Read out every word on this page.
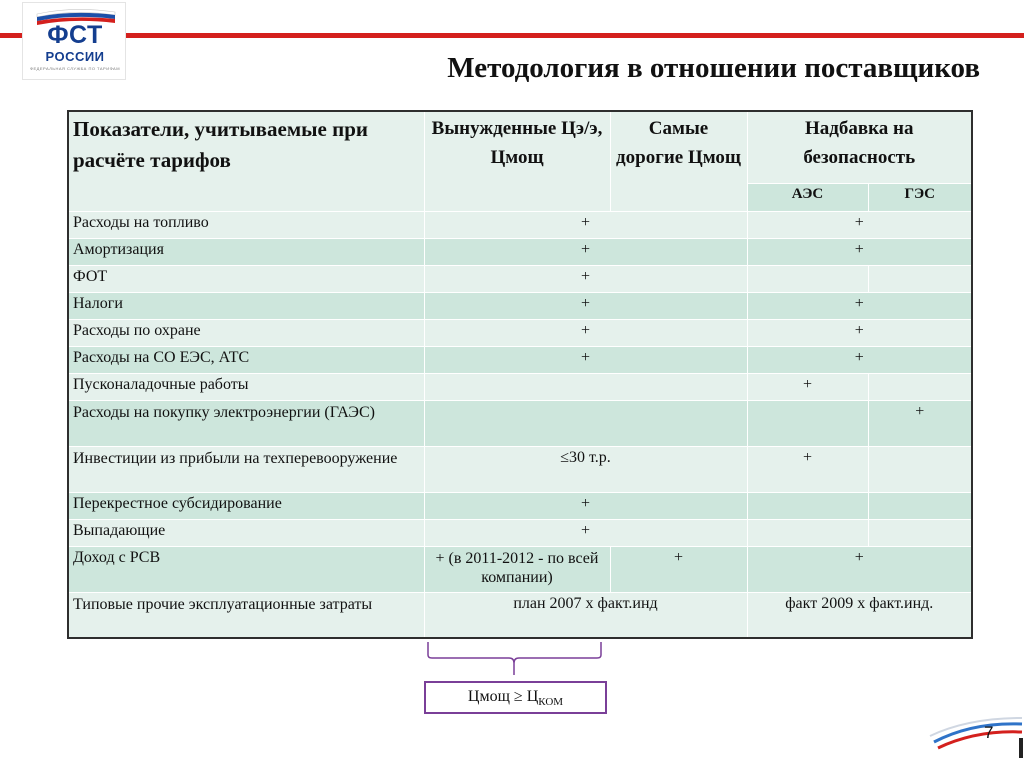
ФСТ
РОССИИ
ФЕДЕРАЛЬНАЯ СЛУЖБА ПО ТАРИФАМ	Методология в отношении поставщиков
Показатели, учитываемые при расчёте тарифов	Вынужденные Цэ/э, Цмощ	Самые дорогие Цмощ	Надбавка на безопасность	
			АЭС	ГЭС
Расходы на топливо	+		+	
Амортизация	+		+	
ФОТ	+			
Налоги	+		+	
Расходы по охране	+		+	
Расходы на СО ЕЭС, АТС	+		+	
Пусконаладочные работы			+	
Расходы на покупку электроэнергии (ГАЭС)				+
Инвестиции из прибыли на техперевооружение	≤30 т.р.		+	
Перекрестное субсидирование	+			
Выпадающие	+			
Доход с РСВ	+ (в 2011-2012 - по всей компании)	+	+	
Типовые прочие эксплуатационные затраты	план 2007 х факт.инд		факт 2009 х факт.инд.	
Цмощ ≥ $Ц_{КОМ}$
7
